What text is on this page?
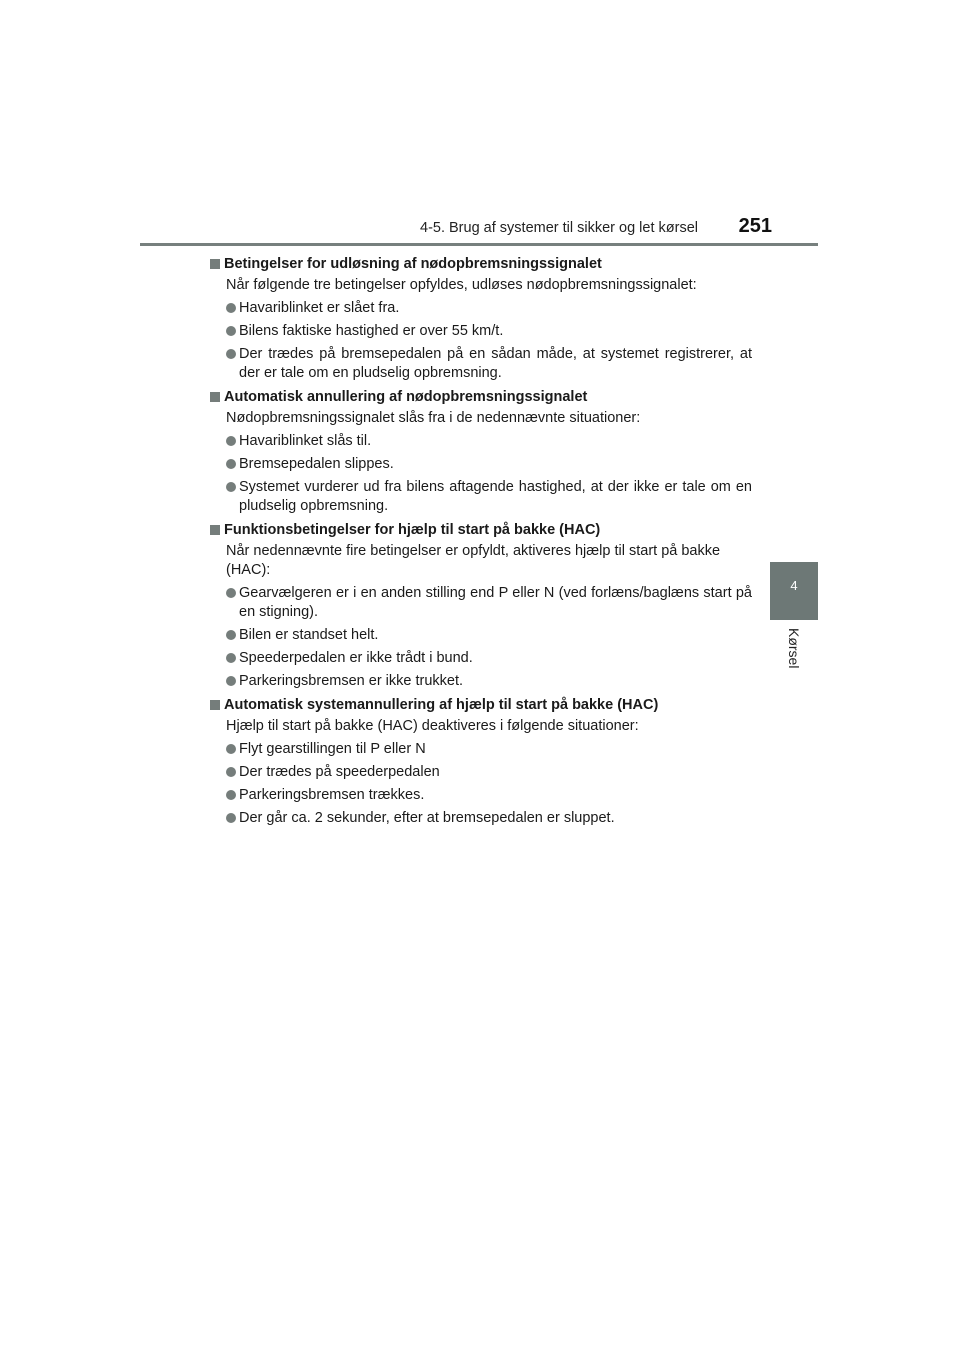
4-5. Brug af systemer til sikker og let kørsel 251
4
Kørsel
Betingelser for udløsning af nødopbremsningssignalet

Når følgende tre betingelser opfyldes, udløses nødopbremsningssignalet:

Havariblinket er slået fra.
Bilens faktiske hastighed er over 55 km/t.
Der trædes på bremsepedalen på en sådan måde, at systemet registrerer, at der er tale om en pludselig opbremsning.
Automatisk annullering af nødopbremsningssignalet

Nødopbremsningssignalet slås fra i de nedennævnte situationer:

Havariblinket slås til.
Bremsepedalen slippes.
Systemet vurderer ud fra bilens aftagende hastighed, at der ikke er tale om en pludselig opbremsning.
Funktionsbetingelser for hjælp til start på bakke (HAC)

Når nedennævnte fire betingelser er opfyldt, aktiveres hjælp til start på bakke (HAC):

Gearvælgeren er i en anden stilling end P eller N (ved forlæns/baglæns start på en stigning).
Bilen er standset helt.
Speederpedalen er ikke trådt i bund.
Parkeringsbremsen er ikke trukket.
Automatisk systemannullering af hjælp til start på bakke (HAC)

Hjælp til start på bakke (HAC) deaktiveres i følgende situationer:

Flyt gearstillingen til P eller N
Der trædes på speederpedalen
Parkeringsbremsen trækkes.
Der går ca. 2 sekunder, efter at bremsepedalen er sluppet.
